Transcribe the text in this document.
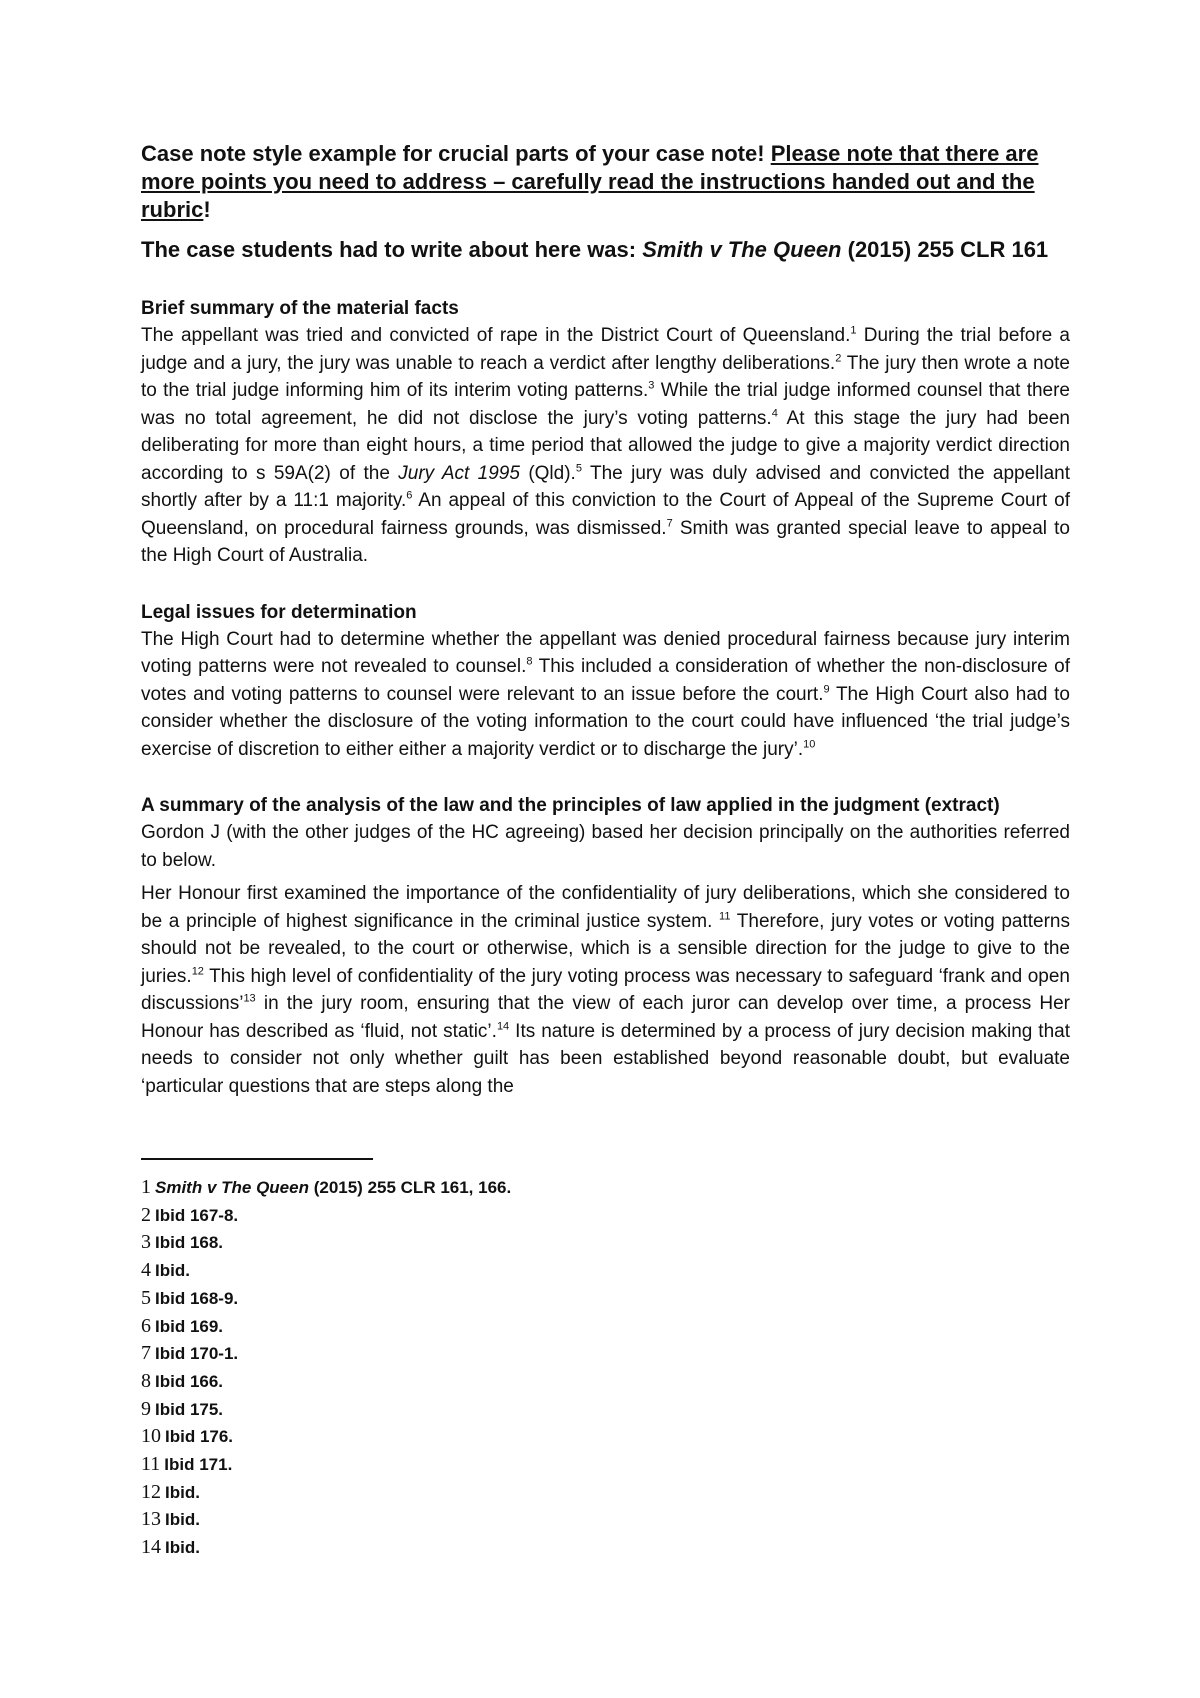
Case note style example for crucial parts of your case note! Please note that there are more points you need to address – carefully read the instructions handed out and the rubric!

The case students had to write about here was: Smith v The Queen (2015) 255 CLR 161

Brief summary of the material facts

The appellant was tried and convicted of rape in the District Court of Queensland.$^1$ During the trial before a judge and a jury, the jury was unable to reach a verdict after lengthy deliberations.$^2$ The jury then wrote a note to the trial judge informing him of its interim voting patterns.$^3$ While the trial judge informed counsel that there was no total agreement, he did not disclose the jury’s voting patterns.$^4$ At this stage the jury had been deliberating for more than eight hours, a time period that allowed the judge to give a majority verdict direction according to s 59A(2) of the Jury Act 1995 (Qld).$^5$ The jury was duly advised and convicted the appellant shortly after by a 11:1 majority.$^6$ An appeal of this conviction to the Court of Appeal of the Supreme Court of Queensland, on procedural fairness grounds, was dismissed.$^7$ Smith was granted special leave to appeal to the High Court of Australia.

Legal issues for determination

The High Court had to determine whether the appellant was denied procedural fairness because jury interim voting patterns were not revealed to counsel.$^8$ This included a consideration of whether the non-disclosure of votes and voting patterns to counsel were relevant to an issue before the court.$^9$ The High Court also had to consider whether the disclosure of the voting information to the court could have influenced ‘the trial judge’s exercise of discretion to either either a majority verdict or to discharge the jury’.$^{10}$

A summary of the analysis of the law and the principles of law applied in the judgment (extract)

Gordon J (with the other judges of the HC agreeing) based her decision principally on the authorities referred to below.

Her Honour first examined the importance of the confidentiality of jury deliberations, which she considered to be a principle of highest significance in the criminal justice system. $^{11}$ Therefore, jury votes or voting patterns should not be revealed, to the court or otherwise, which is a sensible direction for the judge to give to the juries.$^{12}$ This high level of confidentiality of the jury voting process was necessary to safeguard ‘frank and open discussions’$^{13}$ in the jury room, ensuring that the view of each juror can develop over time, a process Her Honour has described as ‘fluid, not static’.$^{14}$ Its nature is determined by a process of jury decision making that needs to consider not only whether guilt has been established beyond reasonable doubt, but evaluate ‘particular questions that are steps along the

1 Smith v The Queen (2015) 255 CLR 161, 166.
2 Ibid 167-8.
3 Ibid 168.
4 Ibid.
5 Ibid 168-9.
6 Ibid 169.
7 Ibid 170-1.
8 Ibid 166.
9 Ibid 175.
10 Ibid 176.
11 Ibid 171.
12 Ibid.
13 Ibid.
14 Ibid.
